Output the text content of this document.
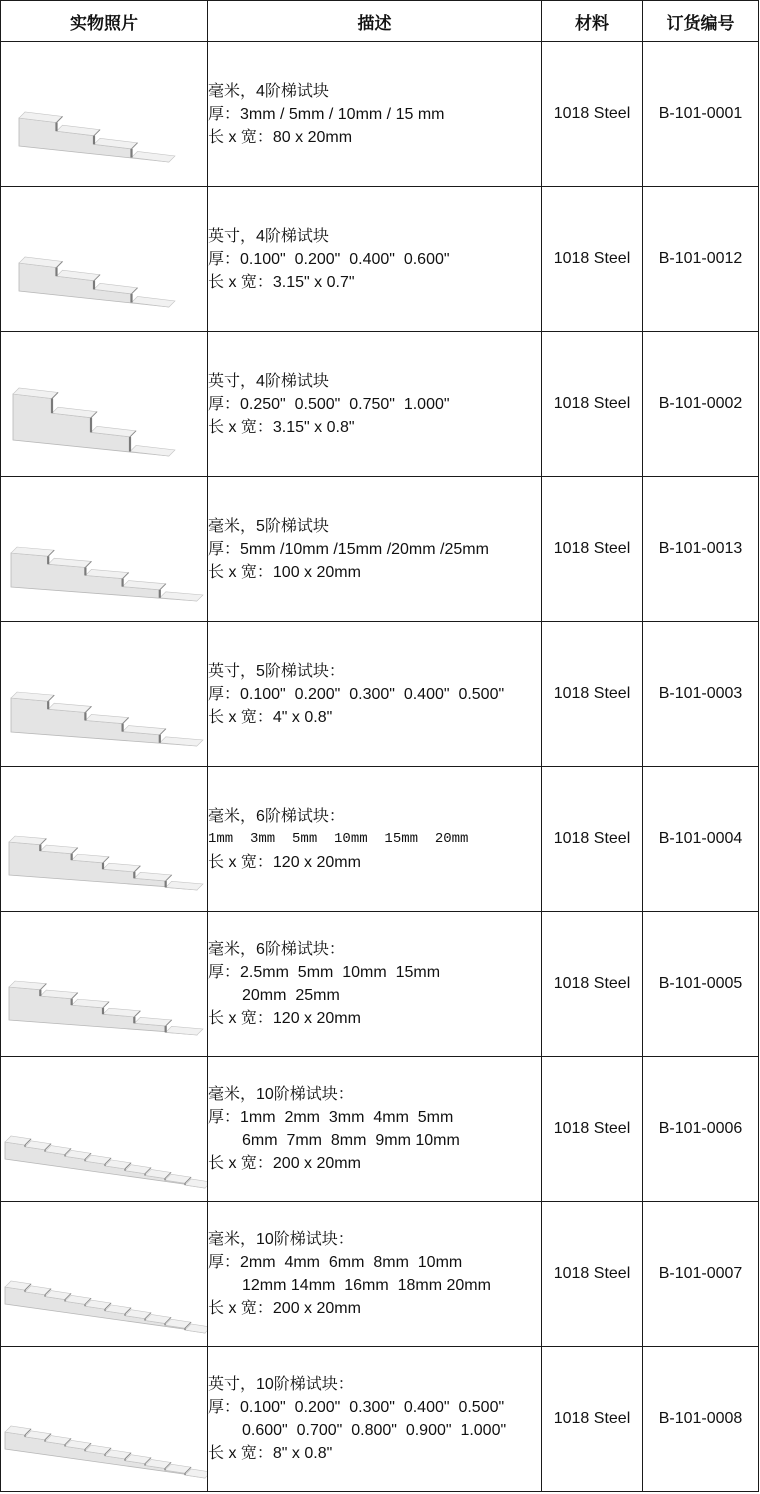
实物照片	描述	材料	订货编号

毫米，4阶梯试块
厚：3mm / 5mm / 10mm / 15 mm
长 x 宽：80 x 20mm	1018 Steel	B-101-0001

英寸，4阶梯试块
厚：0.100"  0.200"  0.400"  0.600"
长 x 宽：3.15" x 0.7"	1018 Steel	B-101-0012

英寸，4阶梯试块
厚：0.250"  0.500"  0.750"  1.000"
长 x 宽：3.15" x 0.8"	1018 Steel	B-101-0002

毫米，5阶梯试块
厚：5mm /10mm /15mm /20mm /25mm
长 x 宽：100 x 20mm	1018 Steel	B-101-0013

英寸，5阶梯试块：
厚：0.100"  0.200"  0.300"  0.400"  0.500"
长 x 宽：4" x 0.8"	1018 Steel	B-101-0003

毫米，6阶梯试块：
1mm  3mm  5mm  10mm  15mm  20mm
长 x 宽：120 x 20mm	1018 Steel	B-101-0004

毫米，6阶梯试块：
厚：2.5mm  5mm  10mm  15mm
20mm  25mm
长 x 宽：120 x 20mm	1018 Steel	B-101-0005

毫米，10阶梯试块：
厚：1mm  2mm  3mm  4mm  5mm
6mm  7mm  8mm  9mm 10mm
长 x 宽：200 x 20mm	1018 Steel	B-101-0006

毫米，10阶梯试块：
厚：2mm  4mm  6mm  8mm  10mm
12mm 14mm  16mm  18mm 20mm
长 x 宽：200 x 20mm	1018 Steel	B-101-0007

英寸，10阶梯试块：
厚：0.100"  0.200"  0.300"  0.400"  0.500"
0.600"  0.700"  0.800"  0.900"  1.000"
长 x 宽：8" x 0.8"	1018 Steel	B-101-0008
